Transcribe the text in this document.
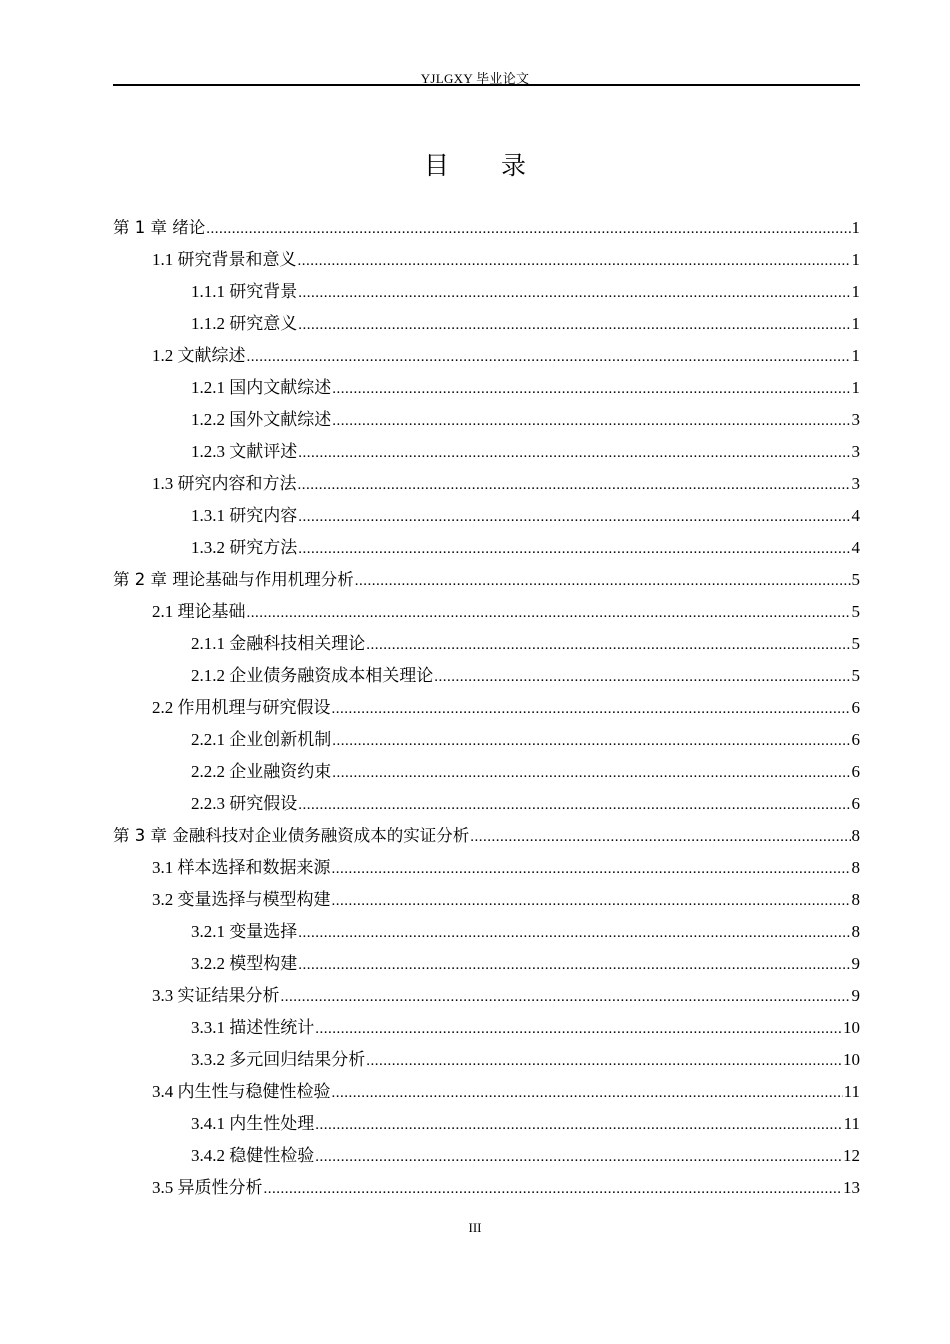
YJLGXY 毕业论文
目 录
第 1 章 绪论 .....	1
1.1 研究背景和意义 .....	1
1.1.1 研究背景 .....	1
1.1.2 研究意义 .....	1
1.2 文献综述 .....	1
1.2.1 国内文献综述 .....	1
1.2.2 国外文献综述 .....	3
1.2.3 文献评述 .....	3
1.3 研究内容和方法 .....	3
1.3.1 研究内容 .....	4
1.3.2 研究方法 .....	4
第 2 章 理论基础与作用机理分析 .....	5
2.1 理论基础 .....	5
2.1.1 金融科技相关理论 .....	5
2.1.2 企业债务融资成本相关理论 .....	5
2.2 作用机理与研究假设 .....	6
2.2.1 企业创新机制 .....	6
2.2.2 企业融资约束 .....	6
2.2.3 研究假设 .....	6
第 3 章 金融科技对企业债务融资成本的实证分析 .....	8
3.1 样本选择和数据来源 .....	8
3.2 变量选择与模型构建 .....	8
3.2.1 变量选择 .....	8
3.2.2 模型构建 .....	9
3.3 实证结果分析 .....	9
3.3.1 描述性统计 .....	10
3.3.2 多元回归结果分析 .....	10
3.4 内生性与稳健性检验 .....	11
3.4.1 内生性处理 .....	11
3.4.2 稳健性检验 .....	12
3.5 异质性分析 .....	13
III
